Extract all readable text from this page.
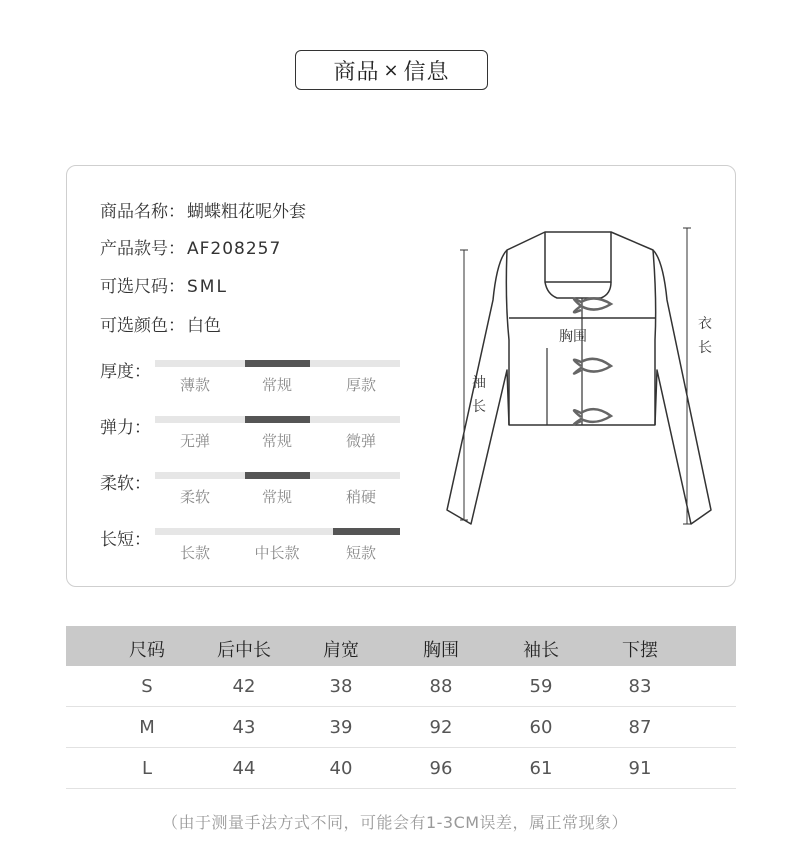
商品 × 信息
商品名称： 蝴蝶粗花呢外套
产品款号： AF208257
可选尺码： SML
可选颜色： 白色
厚度：
薄款	常规	厚款
弹力：
无弹	常规	微弹
柔软：
柔软	常规	稍硬
长短：
长款	中长款	短款
胸围
袖
长
衣
长
尺码	后中长	肩宽	胸围	袖长	下摆
S	42	38	88	59	83
M	43	39	92	60	87
L	44	40	96	61	91
（由于测量手法方式不同，可能会有1-3CM误差，属正常现象）
